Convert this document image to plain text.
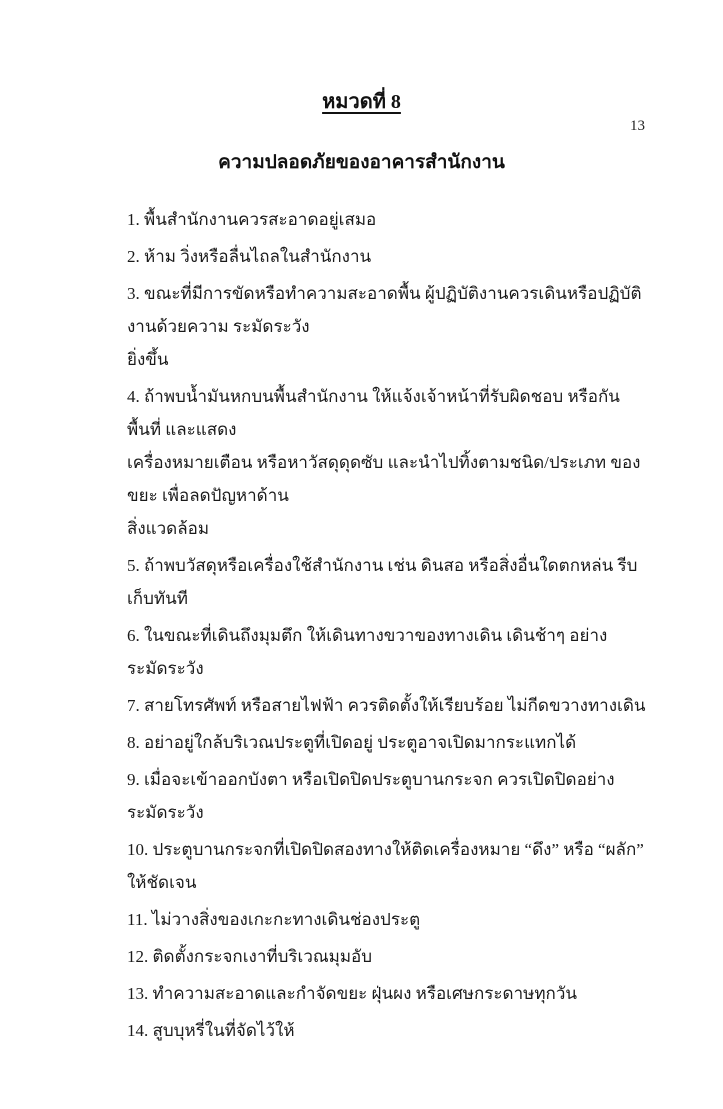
13
หมวดที่ 8
ความปลอดภัยของอาคารสำนักงาน

1. พื้นสำนักงานควรสะอาดอยู่เสมอ

2. ห้าม วิ่งหรือลื่นไถลในสำนักงาน

3. ขณะที่มีการขัดหรือทำความสะอาดพื้น ผู้ปฏิบัติงานควรเดินหรือปฏิบัติงานด้วยความ ระมัดระวัง
ยิ่งขึ้น

4. ถ้าพบน้ำมันหกบนพื้นสำนักงาน ให้แจ้งเจ้าหน้าที่รับผิดชอบ หรือกันพื้นที่ และแสดง
เครื่องหมายเตือน หรือหาวัสดุดุดซับ และนำไปทิ้งตามชนิด/ประเภท ของขยะ เพื่อลดปัญหาด้าน
สิ่งแวดล้อม

5. ถ้าพบวัสดุหรือเครื่องใช้สำนักงาน เช่น ดินสอ หรือสิ่งอื่นใดตกหล่น รีบเก็บทันที

6. ในขณะที่เดินถึงมุมตึก ให้เดินทางขวาของทางเดิน เดินช้าๆ อย่างระมัดระวัง

7. สายโทรศัพท์ หรือสายไฟฟ้า ควรติดตั้งให้เรียบร้อย ไม่กีดขวางทางเดิน

8. อย่าอยู่ใกล้บริเวณประตูที่เปิดอยู่ ประตูอาจเปิดมากระแทกได้

9. เมื่อจะเข้าออกบังตา หรือเปิดปิดประตูบานกระจก ควรเปิดปิดอย่างระมัดระวัง

10. ประตูบานกระจกที่เปิดปิดสองทางให้ติดเครื่องหมาย “ดึง” หรือ “ผลัก” ให้ชัดเจน

11. ไม่วางสิ่งของเกะกะทางเดินช่องประตู

12. ติดตั้งกระจกเงาที่บริเวณมุมอับ

13. ทำความสะอาดและกำจัดขยะ ฝุ่นผง หรือเศษกระดาษทุกวัน

14. สูบบุหรี่ในที่จัดไว้ให้
